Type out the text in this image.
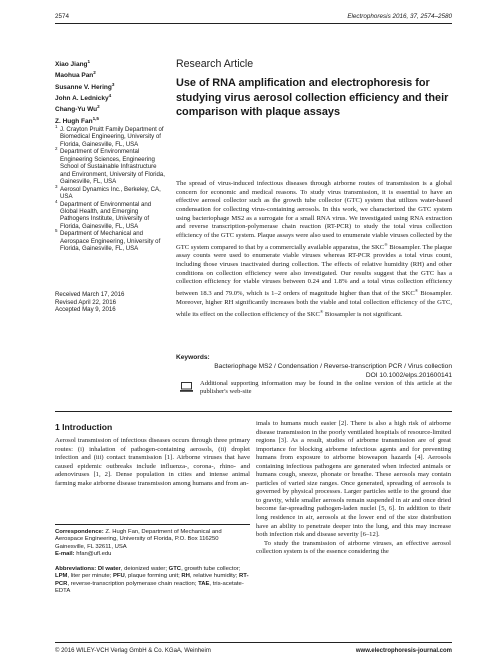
2574	Electrophoresis 2016, 37, 2574–2580
Xiao Jiang$^1$
Maohua Pan$^2$
Susanne V. Hering$^3$
John A. Lednicky$^4$
Chang-Yu Wu$^2$
Z. Hugh Fan$^{1,5}$
1 J. Crayton Pruitt Family Department of Biomedical Engineering, University of Florida, Gainesville, FL, USA
2 Department of Environmental Engineering Sciences, Engineering School of Sustainable Infrastructure and Environment, University of Florida, Gainesville, FL, USA
3 Aerosol Dynamics Inc., Berkeley, CA, USA
4 Department of Environmental and Global Health, and Emerging Pathogens Institute, University of Florida, Gainesville, FL, USA
5 Department of Mechanical and Aerospace Engineering, University of Florida, Gainesville, FL, USA
Received March 17, 2016
Revised April 22, 2016
Accepted May 9, 2016
Research Article
Use of RNA amplification and electrophoresis for studying virus aerosol collection efficiency and their comparison with plaque assays

The spread of virus-induced infectious diseases through airborne routes of transmission is a global concern for economic and medical reasons. To study virus transmission, it is essential to have an effective aerosol collector such as the growth tube collector (GTC) system that utilizes water-based condensation for collecting virus-containing aerosols. In this work, we characterized the GTC system using bacteriophage MS2 as a surrogate for a small RNA virus. We investigated using RNA extraction and reverse transcription-polymerase chain reaction (RT-PCR) to study the total virus collection efficiency of the GTC system. Plaque assays were also used to enumerate viable viruses collected by the GTC system compared to that by a commercially available apparatus, the SKC® Biosampler. The plaque assay counts were used to enumerate viable viruses whereas RT-PCR provides a total virus count, including those viruses inactivated during collection. The effects of relative humidity (RH) and other conditions on collection efficiency were also investigated. Our results suggest that the GTC has a collection efficiency for viable viruses between 0.24 and 1.8% and a total virus collection efficiency between 18.3 and 79.0%, which is 1–2 orders of magnitude higher than that of the SKC® Biosampler. Moreover, higher RH significantly increases both the viable and total collection efficiency of the GTC, while its effect on the collection efficiency of the SKC® Biosampler is not significant.

Keywords:
Bacteriophage MS2 / Condensation / Reverse-transcription PCR / Virus collection
DOI 10.1002/elps.201600141

Additional supporting information may be found in the online version of this article at the publisher's web-site

1 Introduction

Aerosol transmission of infectious diseases occurs through three primary routes: (i) inhalation of pathogen-containing aerosols, (ii) droplet infection and (iii) contact transmission [1]. Airborne viruses that have caused epidemic outbreaks include influenza-, corona-, rhino- and adenoviruses [1, 2]. Dense population in cities and intense animal farming make airborne disease transmission among humans and from an-

imals to humans much easier [2]. There is also a high risk of airborne disease transmission in the poorly ventilated hospitals of resource-limited regions [3]. As a result, studies of airborne transmission are of great importance for blocking airborne infectious agents and for preventing humans from exposure to airborne bioweapon hazards [4]. Aerosols containing infectious pathogens are generated when infected animals or humans cough, sneeze, phonate or breathe. These aerosols may contain particles of varied size ranges. Once generated, spreading of aerosols is governed by physical processes. Larger particles settle to the ground due to gravity, while smaller aerosols remain suspended in air and once dried become far-spreading pathogen-laden nuclei [5, 6]. In addition to their long residence in air, aerosols at the lower end of the size distribution have an ability to penetrate deeper into the lung, and this may increase both infection risk and disease severity [6–12].
To study the transmission of airborne viruses, an effective aerosol collection system is of the essence considering the
Correspondence: Z. Hugh Fan, Department of Mechanical and Aerospace Engineering, University of Florida, P.O. Box 116250 Gainesville, FL 32611, USA
E-mail: hfan@ufl.edu
Abbreviations: DI water, deionized water; GTC, growth tube collector; LPM, liter per minute; PFU, plaque forming unit; RH, relative humidity; RT-PCR, reverse-transcription polymerase chain reaction; TAE, tris-acetate-EDTA
© 2016 WILEY-VCH Verlag GmbH & Co. KGaA, Weinheim	www.electrophoresis-journal.com
